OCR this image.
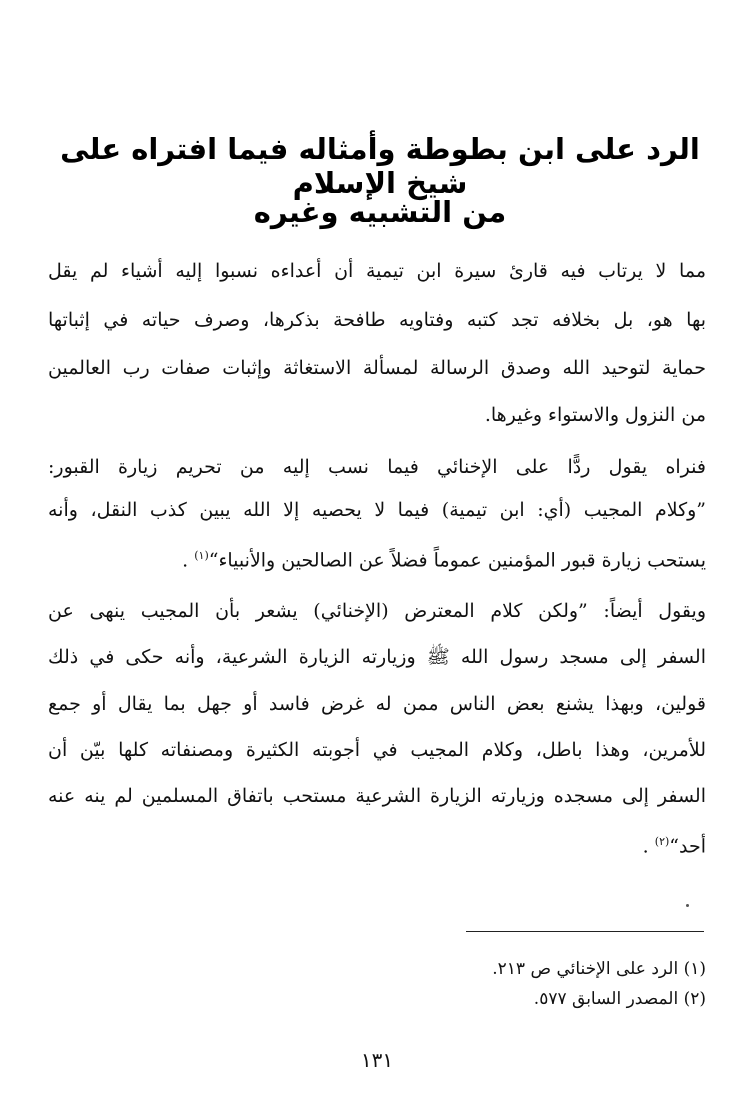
الرد على ابن بطوطة وأمثاله فيما افتراه على شيخ الإسلام
من التشبيه وغيره
مما لا يرتاب فيه قارئ سيرة ابن تيمية أن أعداءه نسبوا إليه أشياء لم يقل
بها هو، بل بخلافه تجد كتبه وفتاويه طافحة بذكرها، وصرف حياته في إثباتها
حماية لتوحيد الله وصدق الرسالة لمسألة الاستغاثة وإثبات صفات رب العالمين
من النزول والاستواء وغيرها.
فنراه يقول ردًّا على الإخنائي فيما نسب إليه من تحريم زيارة القبور:
”وكلام المجيب (أي: ابن تيمية) فيما لا يحصيه إلا الله يبين كذب النقل، وأنه
يستحب زيارة قبور المؤمنين عموماً فضلاً عن الصالحين والأنبياء“$^{(١)}$ .
ويقول أيضاً: ”ولكن كلام المعترض (الإخنائي) يشعر بأن المجيب ينهى عن
السفر إلى مسجد رسول الله ﷺ وزيارته الزيارة الشرعية، وأنه حكى في ذلك
قولين، وبهذا يشنع بعض الناس ممن له غرض فاسد أو جهل بما يقال أو جمع
للأمرين، وهذا باطل، وكلام المجيب في أجوبته الكثيرة ومصنفاته كلها بيّن أن
السفر إلى مسجده وزيارته الزيارة الشرعية مستحب باتفاق المسلمين لم ينه عنه
أحد“$^{(٢)}$ .
(١) الرد على الإخنائي ص ٢١٣.
(٢) المصدر السابق ٥٧٧.
١٣١
